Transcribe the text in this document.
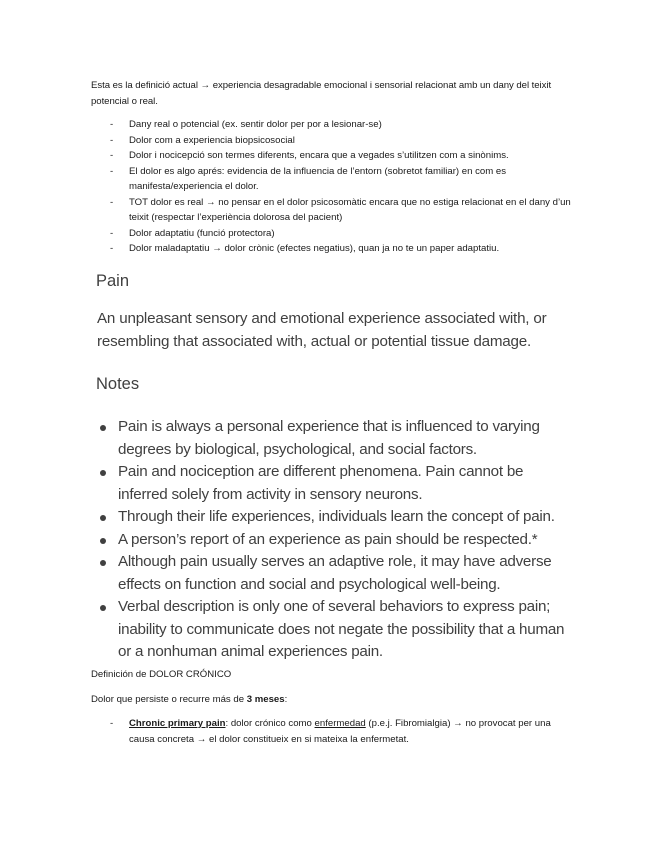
Esta es la definició actual → experiencia desagradable emocional i sensorial relacionat amb un dany del teixit potencial o real.

- Dany real o potencial (ex. sentir dolor per por a lesionar-se)
- Dolor com a experiencia biopsicosocial
- Dolor i nocicepció son termes diferents, encara que a vegades s’utilitzen com a sinònims.
- El dolor es algo aprés: evidencia de la influencia de l’entorn (sobretot familiar) en com es manifesta/experiencia el dolor.
- TOT dolor es real → no pensar en el dolor psicosomàtic encara que no estiga relacionat en el dany d’un teixit (respectar l’experiència dolorosa del pacient)
- Dolor adaptatiu (funció protectora)
- Dolor maladaptatiu → dolor crònic (efectes negatius), quan ja no te un paper adaptatiu.
Pain

An unpleasant sensory and emotional experience associated with, or resembling that associated with, actual or potential tissue damage.

Notes
Pain is always a personal experience that is influenced to varying degrees by biological, psychological, and social factors.
Pain and nociception are different phenomena. Pain cannot be inferred solely from activity in sensory neurons.
Through their life experiences, individuals learn the concept of pain.
A person’s report of an experience as pain should be respected.*
Although pain usually serves an adaptive role, it may have adverse effects on function and social and psychological well-being.
Verbal description is only one of several behaviors to express pain; inability to communicate does not negate the possibility that a human or a nonhuman animal experiences pain.
Definición de DOLOR CRÓNICO
Dolor que persiste o recurre más de 3 meses:
- Chronic primary pain: dolor crónico como enfermedad (p.e.j. Fibromialgia) → no provocat per una causa concreta → el dolor constitueix en si mateixa la enfermetat.
